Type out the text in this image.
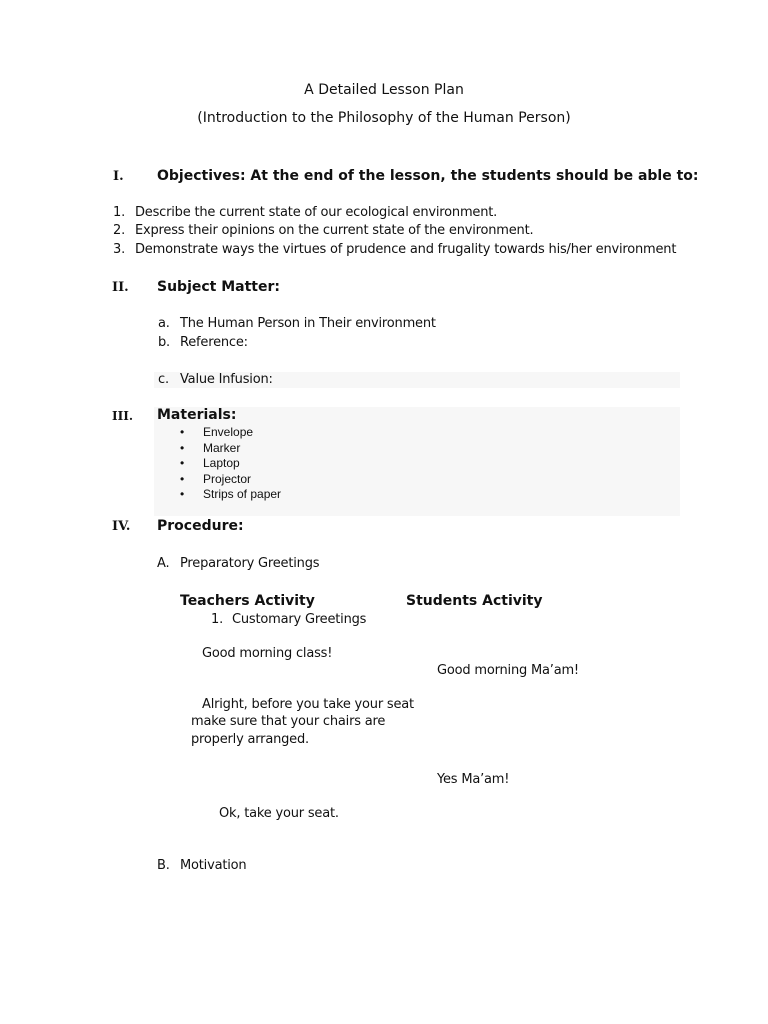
A Detailed Lesson Plan
(Introduction to the Philosophy of the Human Person)
I. Objectives: At the end of the lesson, the students should be able to:
1. Describe the current state of our ecological environment.
2. Express their opinions on the current state of the environment.
3. Demonstrate ways the virtues of prudence and frugality towards his/her environment
II. Subject Matter:
a. The Human Person in Their environment
b. Reference:
c. Value Infusion:
III. Materials:
• Envelope
• Marker
• Laptop
• Projector
• Strips of paper
IV. Procedure:
A. Preparatory Greetings
Teachers Activity	Students Activity
1. Customary Greetings
Good morning class!
Good morning Ma’am!
Alright, before you take your seat
make sure that your chairs are
properly arranged.
Yes Ma’am!
Ok, take your seat.
B. Motivation
